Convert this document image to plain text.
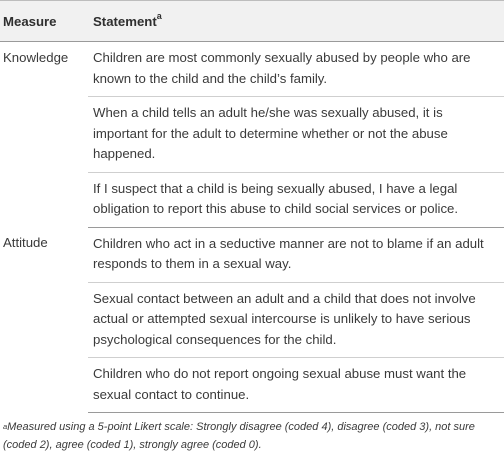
Measure	Statement$^a$
Knowledge	Children are most commonly sexually abused by people who are known to the child and the child’s family.
	When a child tells an adult he/she was sexually abused, it is important for the adult to determine whether or not the abuse happened.
	If I suspect that a child is being sexually abused, I have a legal obligation to report this abuse to child social services or police.
Attitude	Children who act in a seductive manner are not to blame if an adult responds to them in a sexual way.
	Sexual contact between an adult and a child that does not involve actual or attempted sexual intercourse is unlikely to have serious psychological consequences for the child.
	Children who do not report ongoing sexual abuse must want the sexual contact to continue.
$^a$Measured using a 5-point Likert scale: Strongly disagree (coded 4), disagree (coded 3), not sure (coded 2), agree (coded 1), strongly agree (coded 0).
